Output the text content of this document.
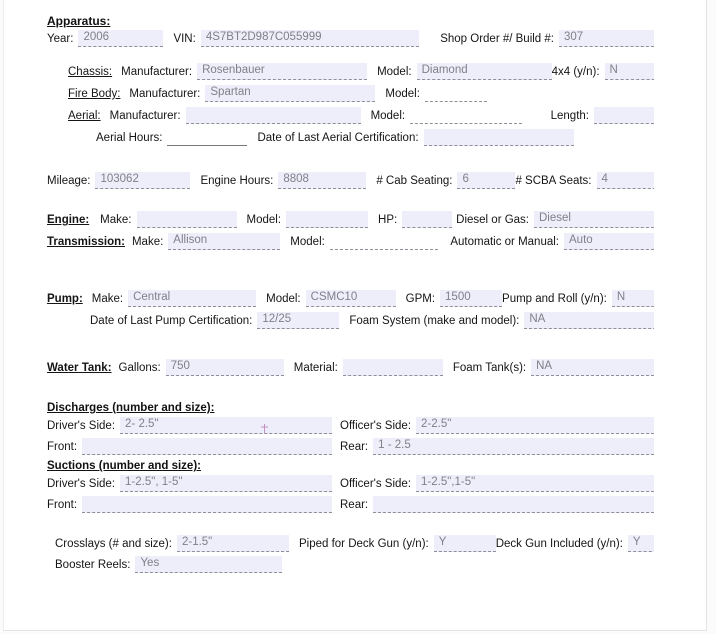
Apparatus:
Year: 2006	VIN: 4S7BT2D987C055999	Shop Order #/ Build #: 307
Chassis: Manufacturer: Rosenbauer	Model: Diamond	4x4 (y/n): N
Fire Body: Manufacturer: Spartan	Model:
Aerial: Manufacturer:	Model:	Length:
Aerial Hours:	Date of Last Aerial Certification:
Mileage: 103062	Engine Hours: 8808	# Cab Seating: 6	# SCBA Seats: 4
Engine: Make:	Model:	HP:	Diesel or Gas: Diesel
Transmission: Make: Allison	Model:	Automatic or Manual: Auto
Pump: Make: Central	Model: CSMC10	GPM: 1500	Pump and Roll (y/n): N
Date of Last Pump Certification: 12/25	Foam System (make and model): NA
Water Tank: Gallons: 750	Material:	Foam Tank(s): NA
Discharges (number and size):
Driver's Side: 2- 2.5"	Officer's Side: 2-2.5"
Front:	Rear: 1 - 2.5
Suctions (number and size):
Driver's Side: 1-2.5", 1-5"	Officer's Side: 1-2.5",1-5"
Front:	Rear:
Crosslays (# and size): 2-1.5"	Piped for Deck Gun (y/n): Y	Deck Gun Included (y/n): Y
Booster Reels: Yes
